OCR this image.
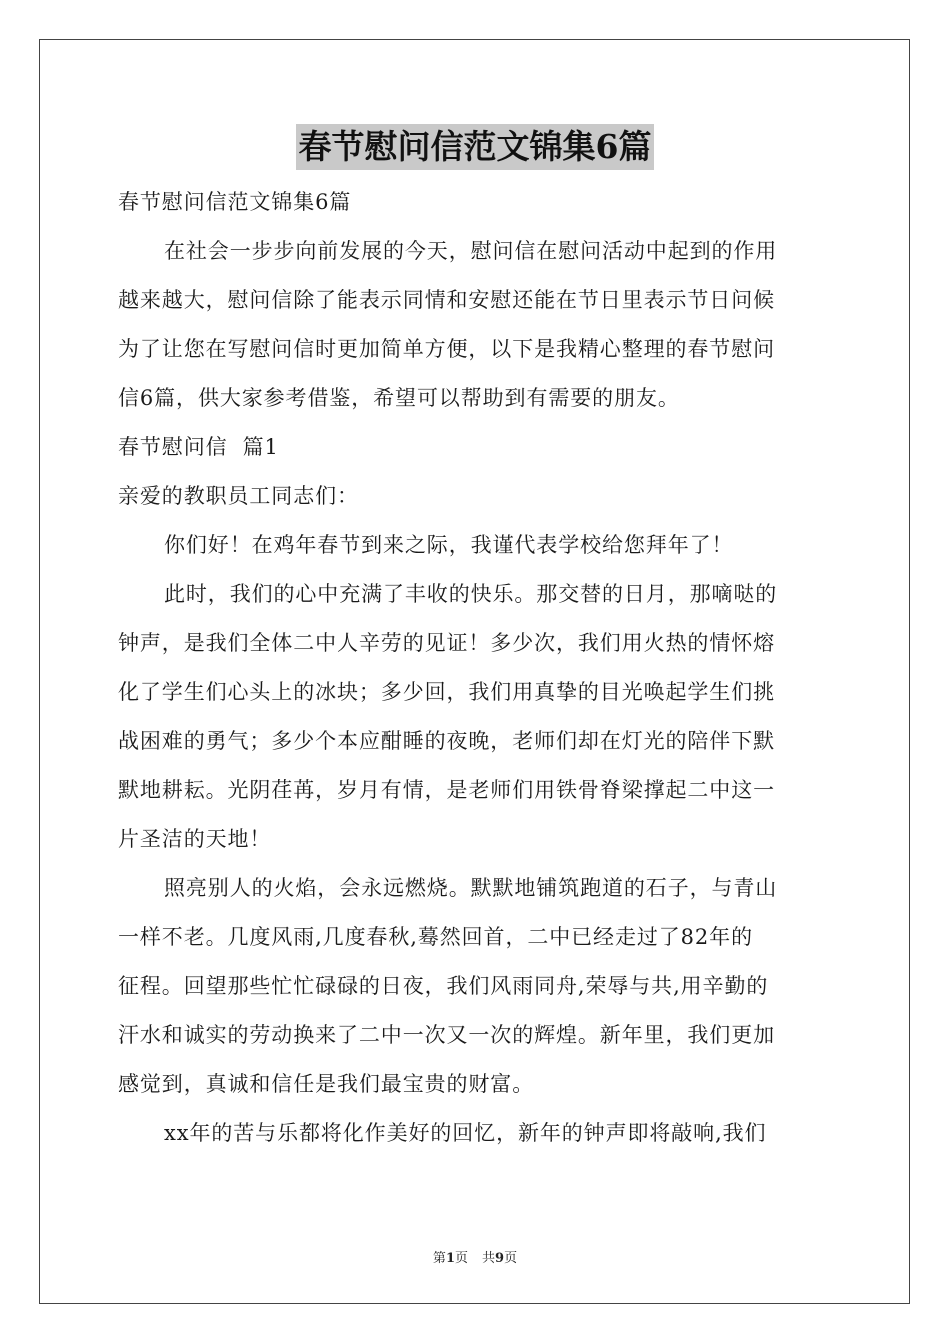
春节慰问信范文锦集6篇
春节慰问信范文锦集6篇
在社会一步步向前发展的今天，慰问信在慰问活动中起到的作用
越来越大，慰问信除了能表示同情和安慰还能在节日里表示节日问候
为了让您在写慰问信时更加简单方便，以下是我精心整理的春节慰问
信6篇，供大家参考借鉴，希望可以帮助到有需要的朋友。
春节慰问信  篇1
亲爱的教职员工同志们：
你们好！在鸡年春节到来之际，我谨代表学校给您拜年了！
此时，我们的心中充满了丰收的快乐。那交替的日月，那嘀哒的
钟声，是我们全体二中人辛劳的见证！多少次，我们用火热的情怀熔
化了学生们心头上的冰块；多少回，我们用真挚的目光唤起学生们挑
战困难的勇气；多少个本应酣睡的夜晚，老师们却在灯光的陪伴下默
默地耕耘。光阴荏苒，岁月有情，是老师们用铁骨脊梁撑起二中这一
片圣洁的天地！
照亮别人的火焰，会永远燃烧。默默地铺筑跑道的石子，与青山
一样不老。几度风雨,几度春秋,蓦然回首，二中已经走过了82年的
征程。回望那些忙忙碌碌的日夜，我们风雨同舟,荣辱与共,用辛勤的
汗水和诚实的劳动换来了二中一次又一次的辉煌。新年里，我们更加
感觉到，真诚和信任是我们最宝贵的财富。
xx年的苦与乐都将化作美好的回忆，新年的钟声即将敲响,我们
第1页 共9页
